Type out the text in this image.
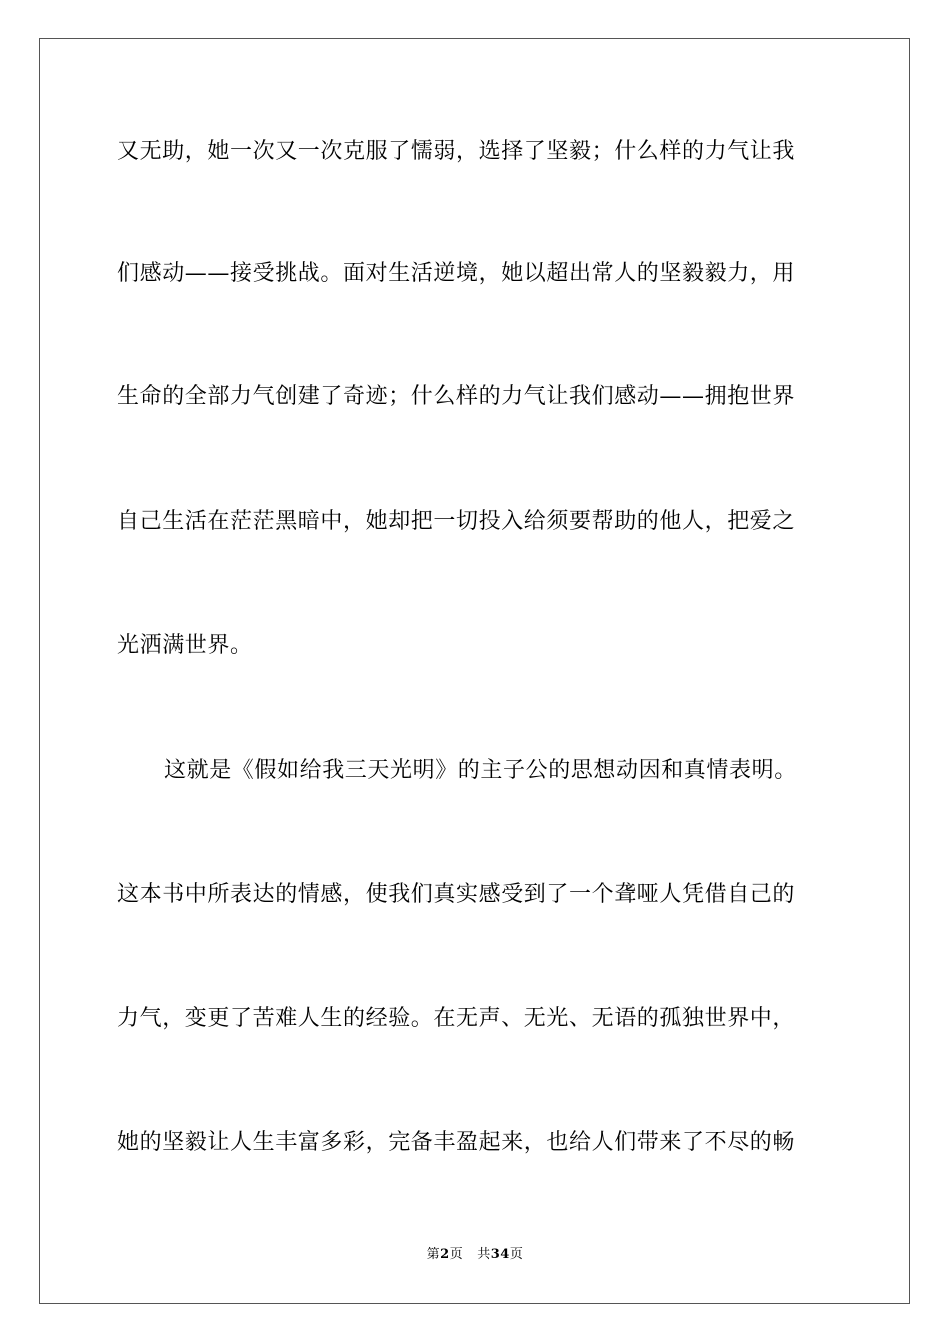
又无助，她一次又一次克服了懦弱，选择了坚毅；什么样的力气让我
们感动——接受挑战。面对生活逆境，她以超出常人的坚毅毅力，用
生命的全部力气创建了奇迹；什么样的力气让我们感动——拥抱世界
自己生活在茫茫黑暗中，她却把一切投入给须要帮助的他人，把爱之
光洒满世界。
这就是《假如给我三天光明》的主子公的思想动因和真情表明。
这本书中所表达的情感，使我们真实感受到了一个聋哑人凭借自己的
力气，变更了苦难人生的经验。在无声、无光、无语的孤独世界中，
她的坚毅让人生丰富多彩，完备丰盈起来，也给人们带来了不尽的畅
第2页 共34页
